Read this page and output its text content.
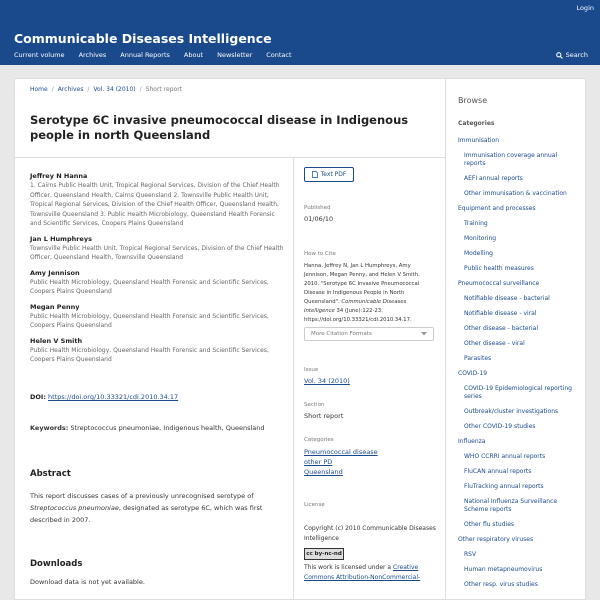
Login
Communicable Diseases Intelligence
Current volume Archives Annual Reports About Newsletter Contact	Search
Home / Archives / Vol. 34 (2010) / Short report
Serotype 6C invasive pneumococcal disease in Indigenous people in north Queensland
Jeffrey N Hanna
1. Cairns Public Health Unit, Tropical Regional Services, Division of the Chief Health Officer, Queensland Health, Cairns Queensland 2. Townsville Public Health Unit, Tropical Regional Services, Division of the Chief Health Officer, Queensland Health, Townsville Queensland 3. Public Health Microbiology, Queensland Health Forensic and Scientific Services, Coopers Plains Queensland
Jan L Humphreys
Townsville Public Health Unit, Tropical Regional Services, Division of the Chief Health Officer, Queensland Health, Townsville Queensland
Amy Jennison
Public Health Microbiology, Queensland Health Forensic and Scientific Services, Coopers Plains Queensland
Megan Penny
Public Health Microbiology, Queensland Health Forensic and Scientific Services, Coopers Plains Queensland
Helen V Smith
Public Health Microbiology, Queensland Health Forensic and Scientific Services, Coopers Plains Queensland
DOI: https://doi.org/10.33321/cdi.2010.34.17
Keywords: Streptococcus pneumoniae, Indigenous health, Queensland
Abstract
This report discusses cases of a previously unrecognised serotype of Streptococcus pneumoniae, designated as serotype 6C, which was first described in 2007.
Downloads
Download data is not yet available.
Text PDF
Published
01/06/10
How to Cite
Hanna, Jeffrey N, Jan L Humphreys, Amy Jennison, Megan Penny, and Helen V Smith. 2010. "Serotype 6C Invasive Pneumococcal Disease in Indigenous People in North Queensland". Communicable Diseases Intelligence 34 (June):122-23. https://doi.org/10.33321/cdi.2010.34.17.
More Citation Formats
Issue
Vol. 34 (2010)
Section
Short report
Categories
Pneumococcal disease
other PD
Queensland
License
Copyright (c) 2010 Communicable Diseases Intelligence
cc by-nc-nd
This work is licensed under a Creative Commons Attribution-NonCommercial-
Browse
Categories
Immunisation
Immunisation coverage annual reports
AEFI annual reports
Other immunisation & vaccination
Equipment and processes
Training
Monitoring
Modelling
Public health measures
Pneumococcal surveillance
Notifiable disease - bacterial
Notifiable disease - viral
Other disease - bacterial
Other disease - viral
Parasites
COVID-19
COVID-19 Epidemiological reporting series
Outbreak/cluster investigations
Other COVID-19 studies
Influenza
WHO CCRRI annual reports
FluCAN annual reports
FluTracking annual reports
National Influenza Surveillance Scheme reports
Other flu studies
Other respiratory viruses
RSV
Human metapneumovirus
Other resp. virus studies
